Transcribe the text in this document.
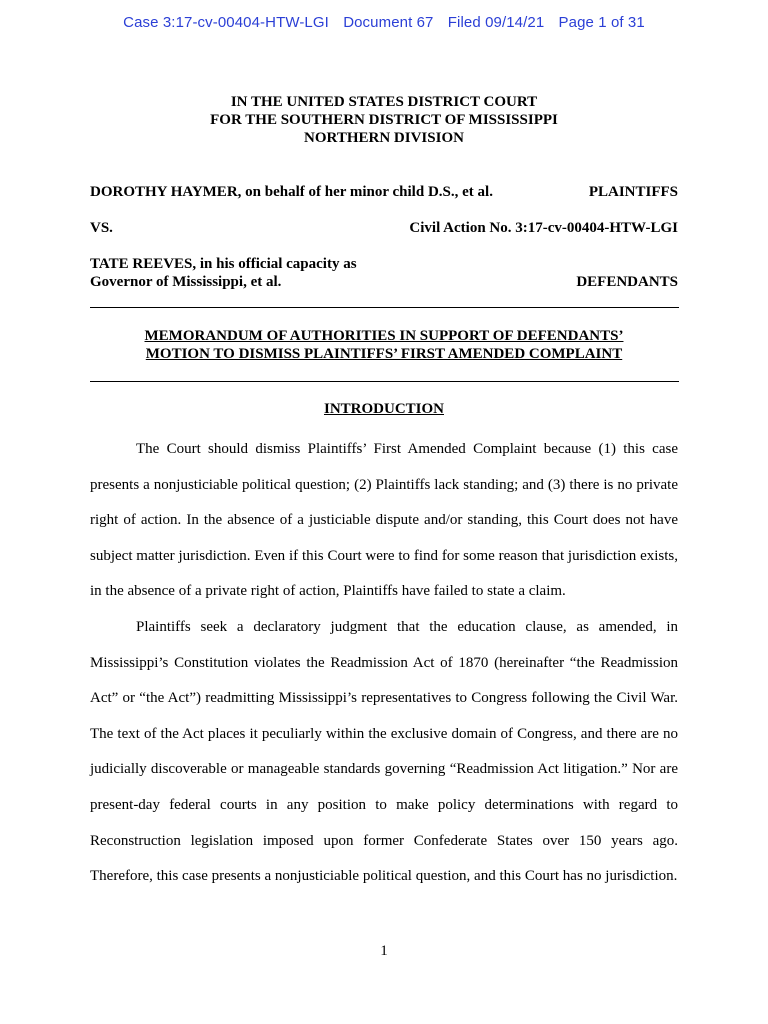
Case 3:17-cv-00404-HTW-LGI Document 67 Filed 09/14/21 Page 1 of 31
IN THE UNITED STATES DISTRICT COURT
FOR THE SOUTHERN DISTRICT OF MISSISSIPPI
NORTHERN DIVISION
DOROTHY HAYMER, on behalf of her minor child D.S., et al.	PLAINTIFFS
VS.	Civil Action No. 3:17-cv-00404-HTW-LGI
TATE REEVES, in his official capacity as
Governor of Mississippi, et al.	DEFENDANTS
MEMORANDUM OF AUTHORITIES IN SUPPORT OF DEFENDANTS’
MOTION TO DISMISS PLAINTIFFS’ FIRST AMENDED COMPLAINT
INTRODUCTION

The Court should dismiss Plaintiffs’ First Amended Complaint because (1) this case presents a nonjusticiable political question; (2) Plaintiffs lack standing; and (3) there is no private right of action. In the absence of a justiciable dispute and/or standing, this Court does not have subject matter jurisdiction. Even if this Court were to find for some reason that jurisdiction exists, in the absence of a private right of action, Plaintiffs have failed to state a claim.

Plaintiffs seek a declaratory judgment that the education clause, as amended, in Mississippi’s Constitution violates the Readmission Act of 1870 (hereinafter “the Readmission Act” or “the Act”) readmitting Mississippi’s representatives to Congress following the Civil War. The text of the Act places it peculiarly within the exclusive domain of Congress, and there are no judicially discoverable or manageable standards governing “Readmission Act litigation.” Nor are present-day federal courts in any position to make policy determinations with regard to Reconstruction legislation imposed upon former Confederate States over 150 years ago. Therefore, this case presents a nonjusticiable political question, and this Court has no jurisdiction.

1
